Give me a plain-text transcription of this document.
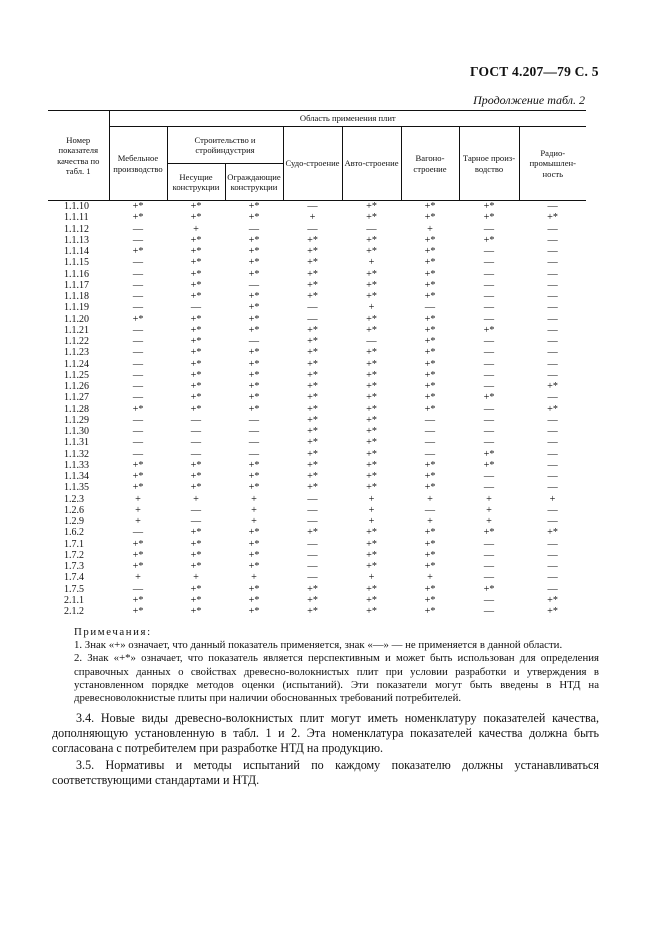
ГОСТ 4.207—79 С. 5
Продолжение табл. 2
Номер показателя качества по табл. 1	Область применения плит							
	Мебельное производство	Строительство и стройиндустрия		Судо-строение	Авто-строение	Вагоно-строение	Тарное произ-водство	Радио-промышлен-ность
		Несущие конструкции	Ограждающие конструкции					
1.1.10	+*	+*	+*	—	+*	+*	+*	—
1.1.11	+*	+*	+*	+	+*	+*	+*	+*
1.1.12	—	+	—	—	—	+	—	—
1.1.13	—	+*	+*	+*	+*	+*	+*	—
1.1.14	+*	+*	+*	+*	+*	+*	—	—
1.1.15	—	+*	+*	+*	+	+*	—	—
1.1.16	—	+*	+*	+*	+*	+*	—	—
1.1.17	—	+*	—	+*	+*	+*	—	—
1.1.18	—	+*	+*	+*	+*	+*	—	—
1.1.19	—	—	+*	—	+	—	—	—
1.1.20	+*	+*	+*	—	+*	+*	—	—
1.1.21	—	+*	+*	+*	+*	+*	+*	—
1.1.22	—	+*	—	+*	—	+*	—	—
1.1.23	—	+*	+*	+*	+*	+*	—	—
1.1.24	—	+*	+*	+*	+*	+*	—	—
1.1.25	—	+*	+*	+*	+*	+*	—	—
1.1.26	—	+*	+*	+*	+*	+*	—	+*
1.1.27	—	+*	+*	+*	+*	+*	+*	—
1.1.28	+*	+*	+*	+*	+*	+*	—	+*
1.1.29	—	—	—	+*	+*	—	—	—
1.1.30	—	—	—	+*	+*	—	—	—
1.1.31	—	—	—	+*	+*	—	—	—
1.1.32	—	—	—	+*	+*	—	+*	—
1.1.33	+*	+*	+*	+*	+*	+*	+*	—
1.1.34	+*	+*	+*	+*	+*	+*	—	—
1.1.35	+*	+*	+*	+*	+*	+*	—	—
1.2.3	+	+	+	—	+	+	+	+
1.2.6	+	—	+	—	+	—	+	—
1.2.9	+	—	+	—	+	+	+	—
1.6.2	—	+*	+*	+*	+*	+*	+*	+*
1.7.1	+*	+*	+*	—	+*	+*	—	—
1.7.2	+*	+*	+*	—	+*	+*	—	—
1.7.3	+*	+*	+*	—	+*	+*	—	—
1.7.4	+	+	+	—	+	+	—	—
1.7.5	—	+*	+*	+*	+*	+*	+*	—
2.1.1	+*	+*	+*	+*	+*	+*	—	+*
2.1.2	+*	+*	+*	+*	+*	+*	—	+*
Примечания:

1. Знак «+» означает, что данный показатель применяется, знак «—» — не применяется в данной области.

2. Знак «+*» означает, что показатель является перспективным и может быть использован для определения справочных данных о свойствах древесно-волокнистых плит при условии разработки и утверждения в установленном порядке методов оценки (испытаний). Эти показатели могут быть введены в НТД на древесноволокнистые плиты при наличии обоснованных требований потребителей.

3.4. Новые виды древесно-волокнистых плит могут иметь номенклатуру показателей качества, дополняющую установленную в табл. 1 и 2. Эта номенклатура показателей качества должна быть согласована с потребителем при разработке НТД на продукцию.

3.5. Нормативы и методы испытаний по каждому показателю должны устанавливаться соответствующими стандартами и НТД.
